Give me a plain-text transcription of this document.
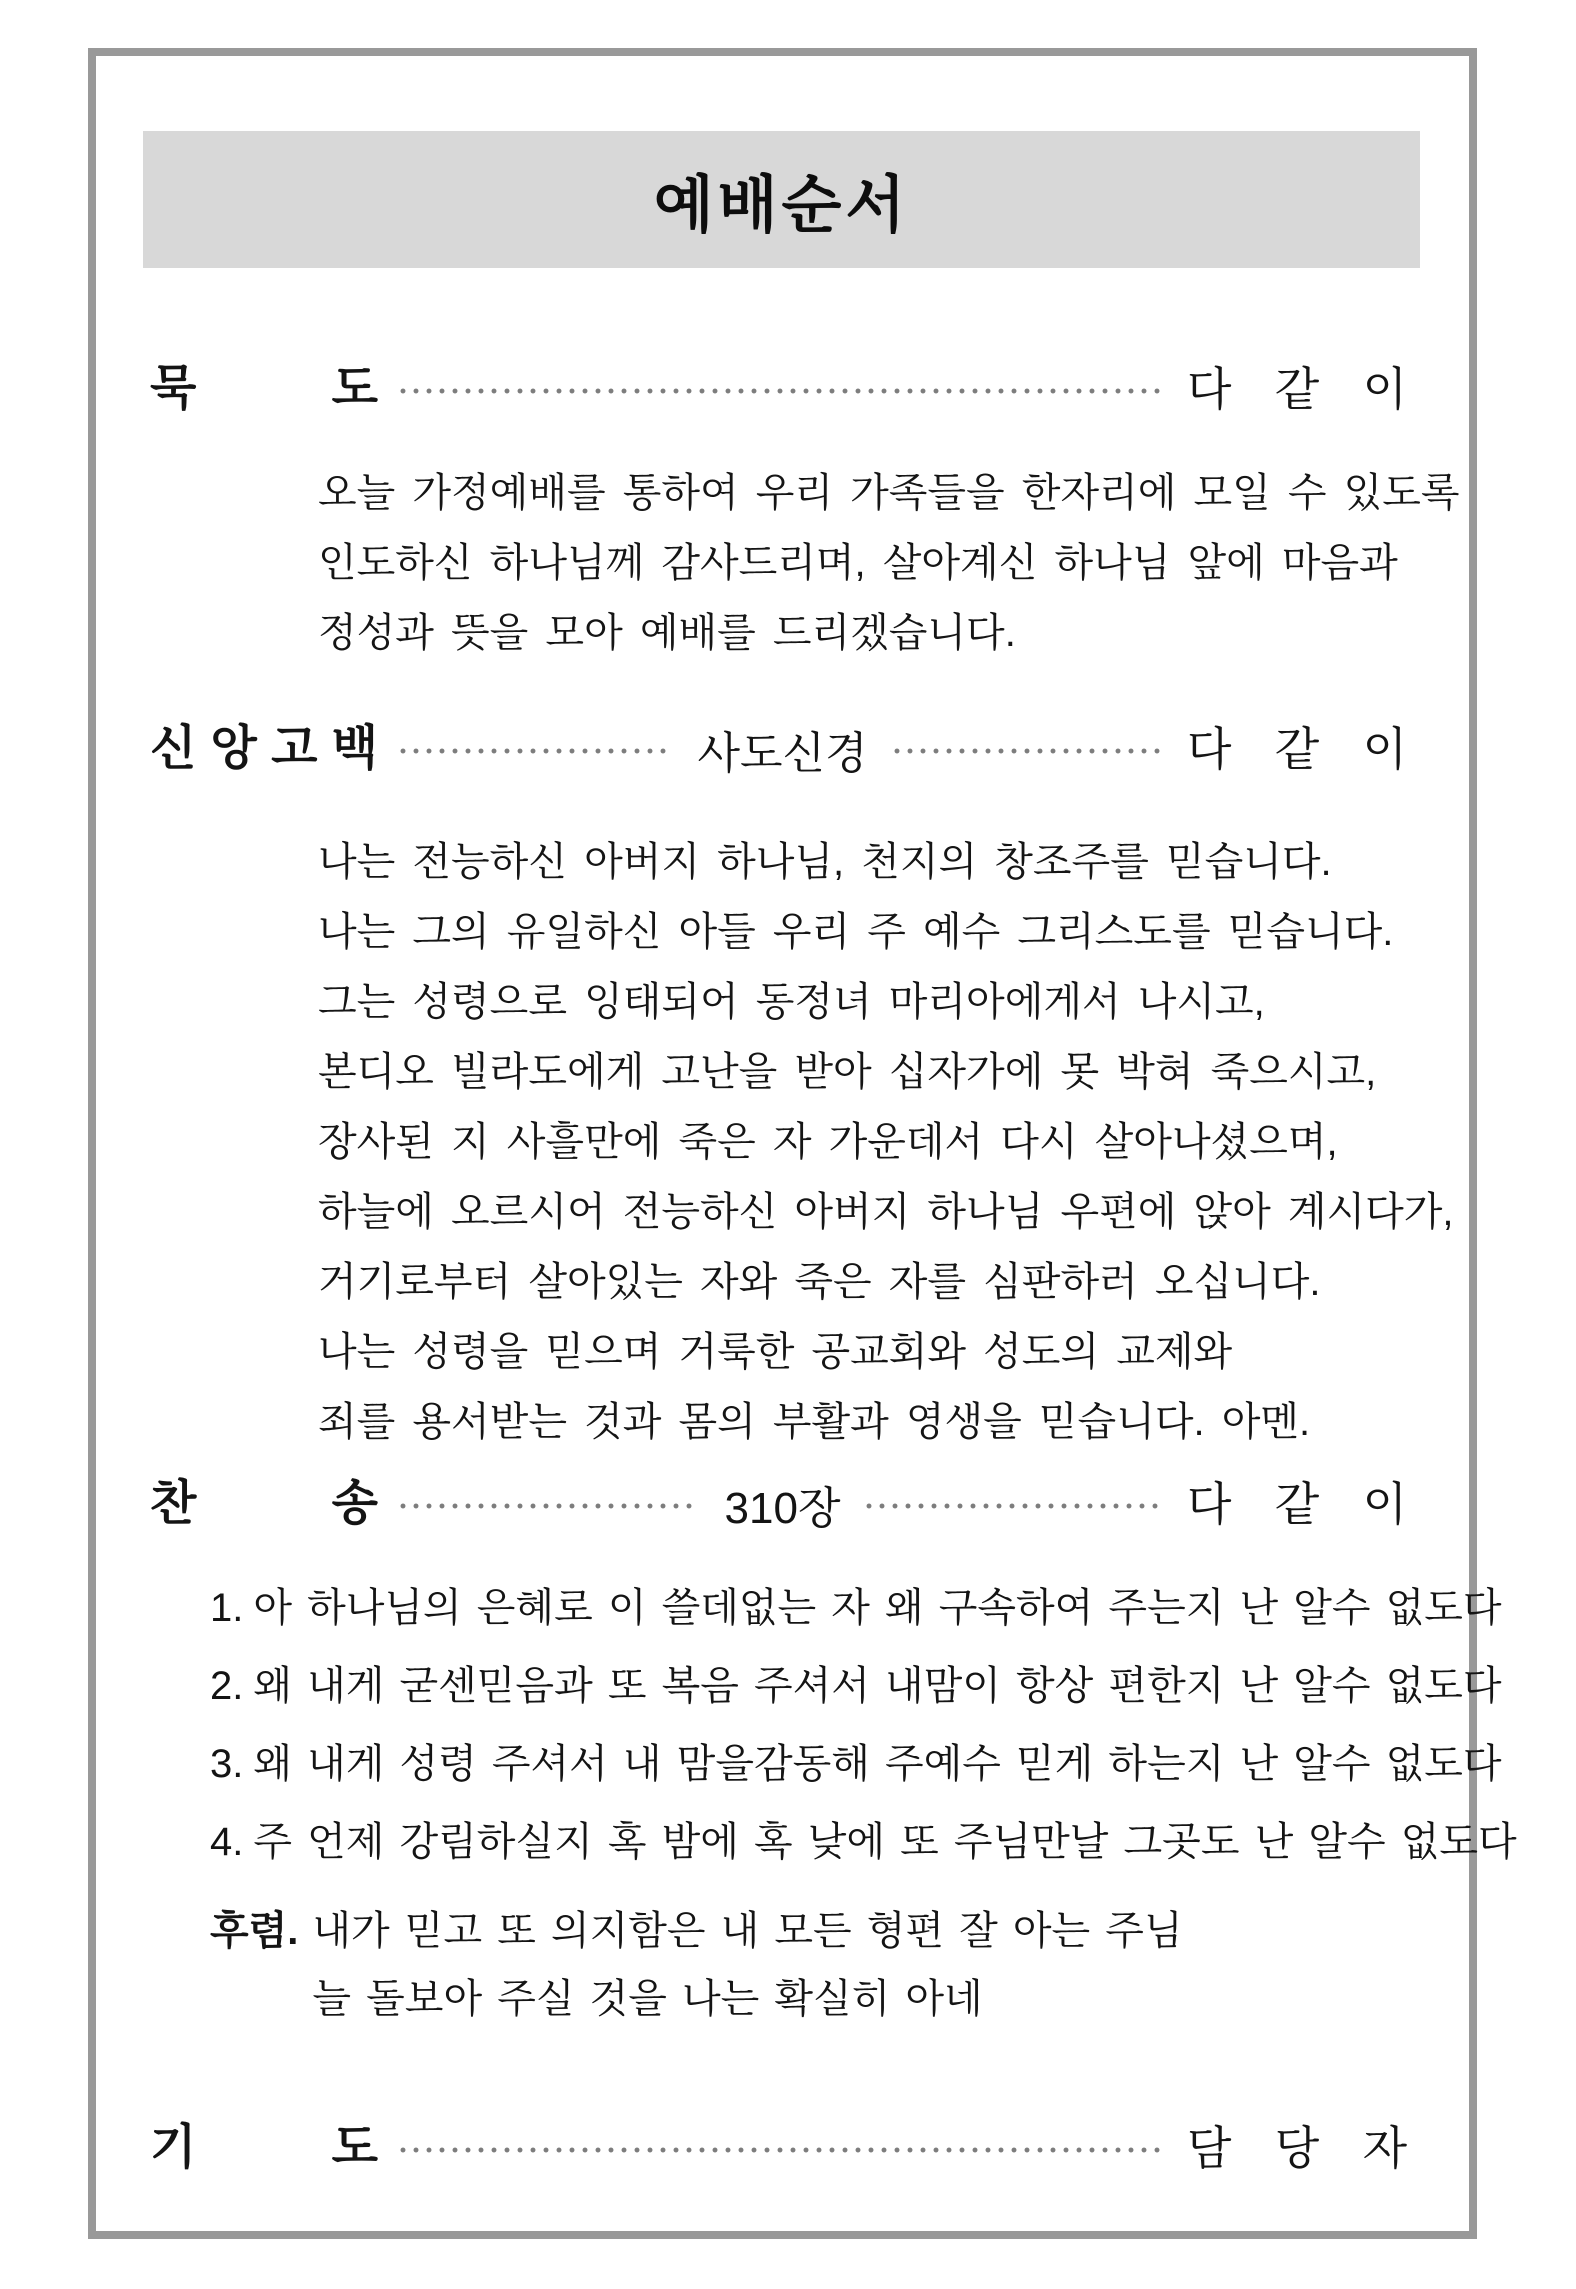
예배순서
묵	도	다 같 이

오늘 가정예배를 통하여 우리 가족들을 한자리에 모일 수 있도록

인도하신 하나님께 감사드리며, 살아계신 하나님 앞에 마음과

정성과 뜻을 모아 예배를 드리겠습니다.

신 앙 고 백	사도신경	다 같 이

나는 전능하신 아버지 하나님, 천지의 창조주를 믿습니다.

나는 그의 유일하신 아들 우리 주 예수 그리스도를 믿습니다.

그는 성령으로 잉태되어 동정녀 마리아에게서 나시고,

본디오 빌라도에게 고난을 받아 십자가에 못 박혀 죽으시고,

장사된 지 사흘만에 죽은 자 가운데서 다시 살아나셨으며,

하늘에 오르시어 전능하신 아버지 하나님 우편에 앉아 계시다가,

거기로부터 살아있는 자와 죽은 자를 심판하러 오십니다.

나는 성령을 믿으며 거룩한 공교회와 성도의 교제와

죄를 용서받는 것과 몸의 부활과 영생을 믿습니다. 아멘.

찬	송	310장	다 같 이

1. 아 하나님의 은혜로 이 쓸데없는 자 왜 구속하여 주는지 난 알수 없도다

2. 왜 내게 굳센믿음과 또 복음 주셔서 내맘이 항상 편한지 난 알수 없도다

3. 왜 내게 성령 주셔서 내 맘을감동해 주예수 믿게 하는지 난 알수 없도다

4. 주 언제 강림하실지 혹 밤에 혹 낮에 또 주님만날 그곳도 난 알수 없도다

후렴. 내가 믿고 또 의지함은 내 모든 형편 잘 아는 주님

늘 돌보아 주실 것을 나는 확실히 아네

기	도	담 당 자
